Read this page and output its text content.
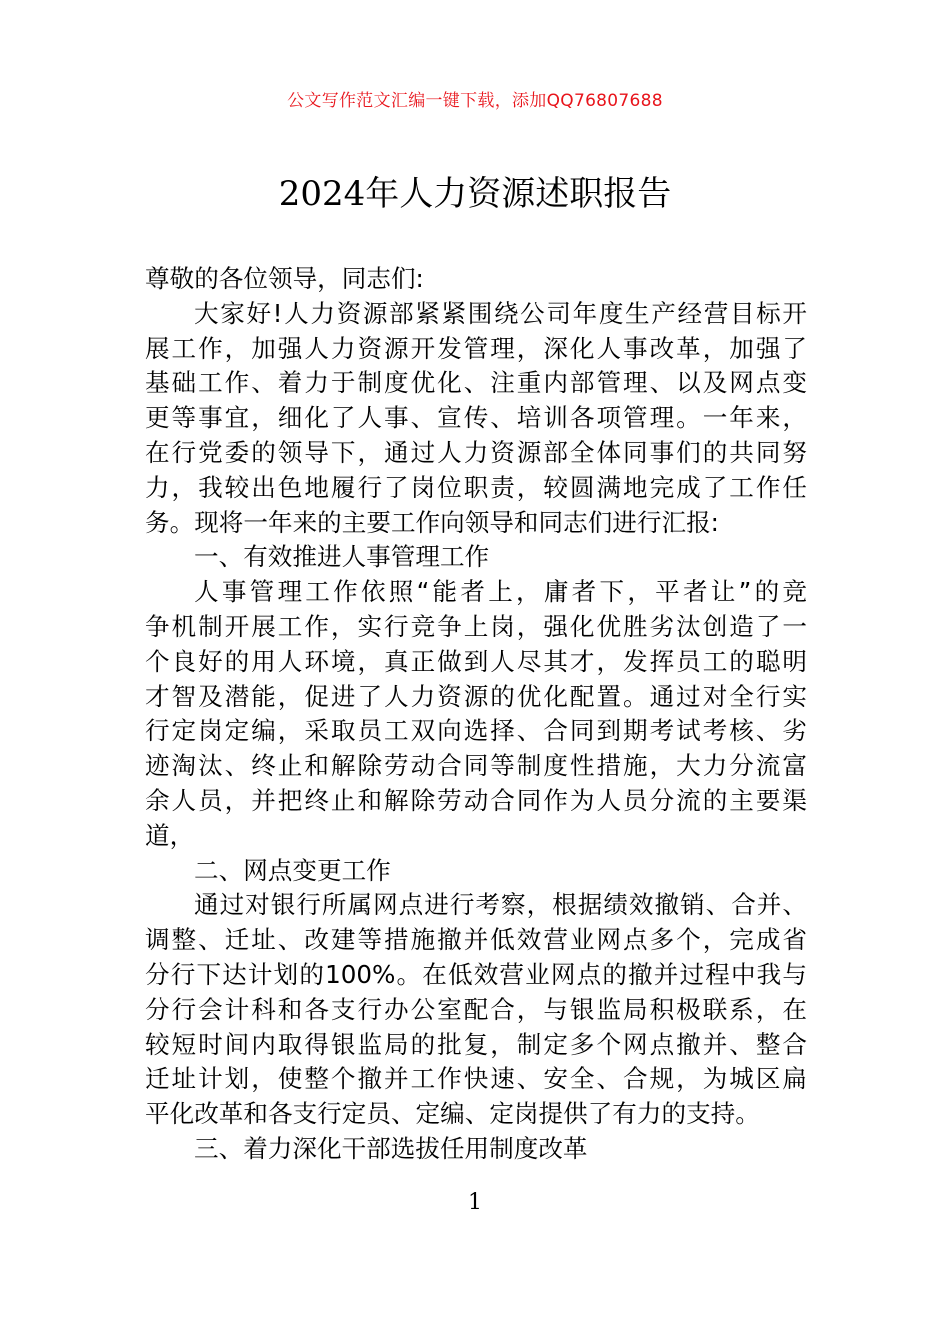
公文写作范文汇编一键下载，添加QQ76807688
2024年人力资源述职报告
尊敬的各位领导，同志们:
大家好!人力资源部紧紧围绕公司年度生产经营目标开
展工作，加强人力资源开发管理，深化人事改革，加强了
基础工作、着力于制度优化、注重内部管理、以及网点变
更等事宜，细化了人事、宣传、培训各项管理。一年来，
在行党委的领导下，通过人力资源部全体同事们的共同努
力，我较出色地履行了岗位职责，较圆满地完成了工作任
务。现将一年来的主要工作向领导和同志们进行汇报:
一、有效推进人事管理工作
人事管理工作依照“能者上，庸者下，平者让”的竞
争机制开展工作，实行竞争上岗，强化优胜劣汰创造了一
个良好的用人环境，真正做到人尽其才，发挥员工的聪明
才智及潜能，促进了人力资源的优化配置。通过对全行实
行定岗定编，采取员工双向选择、合同到期考试考核、劣
迹淘汰、终止和解除劳动合同等制度性措施，大力分流富
余人员，并把终止和解除劳动合同作为人员分流的主要渠
道，
二、网点变更工作
通过对银行所属网点进行考察，根据绩效撤销、合并、
调整、迁址、改建等措施撤并低效营业网点多个，完成省
分行下达计划的100%。在低效营业网点的撤并过程中我与
分行会计科和各支行办公室配合，与银监局积极联系，在
较短时间内取得银监局的批复，制定多个网点撤并、整合
迁址计划，使整个撤并工作快速、安全、合规，为城区扁
平化改革和各支行定员、定编、定岗提供了有力的支持。
三、着力深化干部选拔任用制度改革
1
